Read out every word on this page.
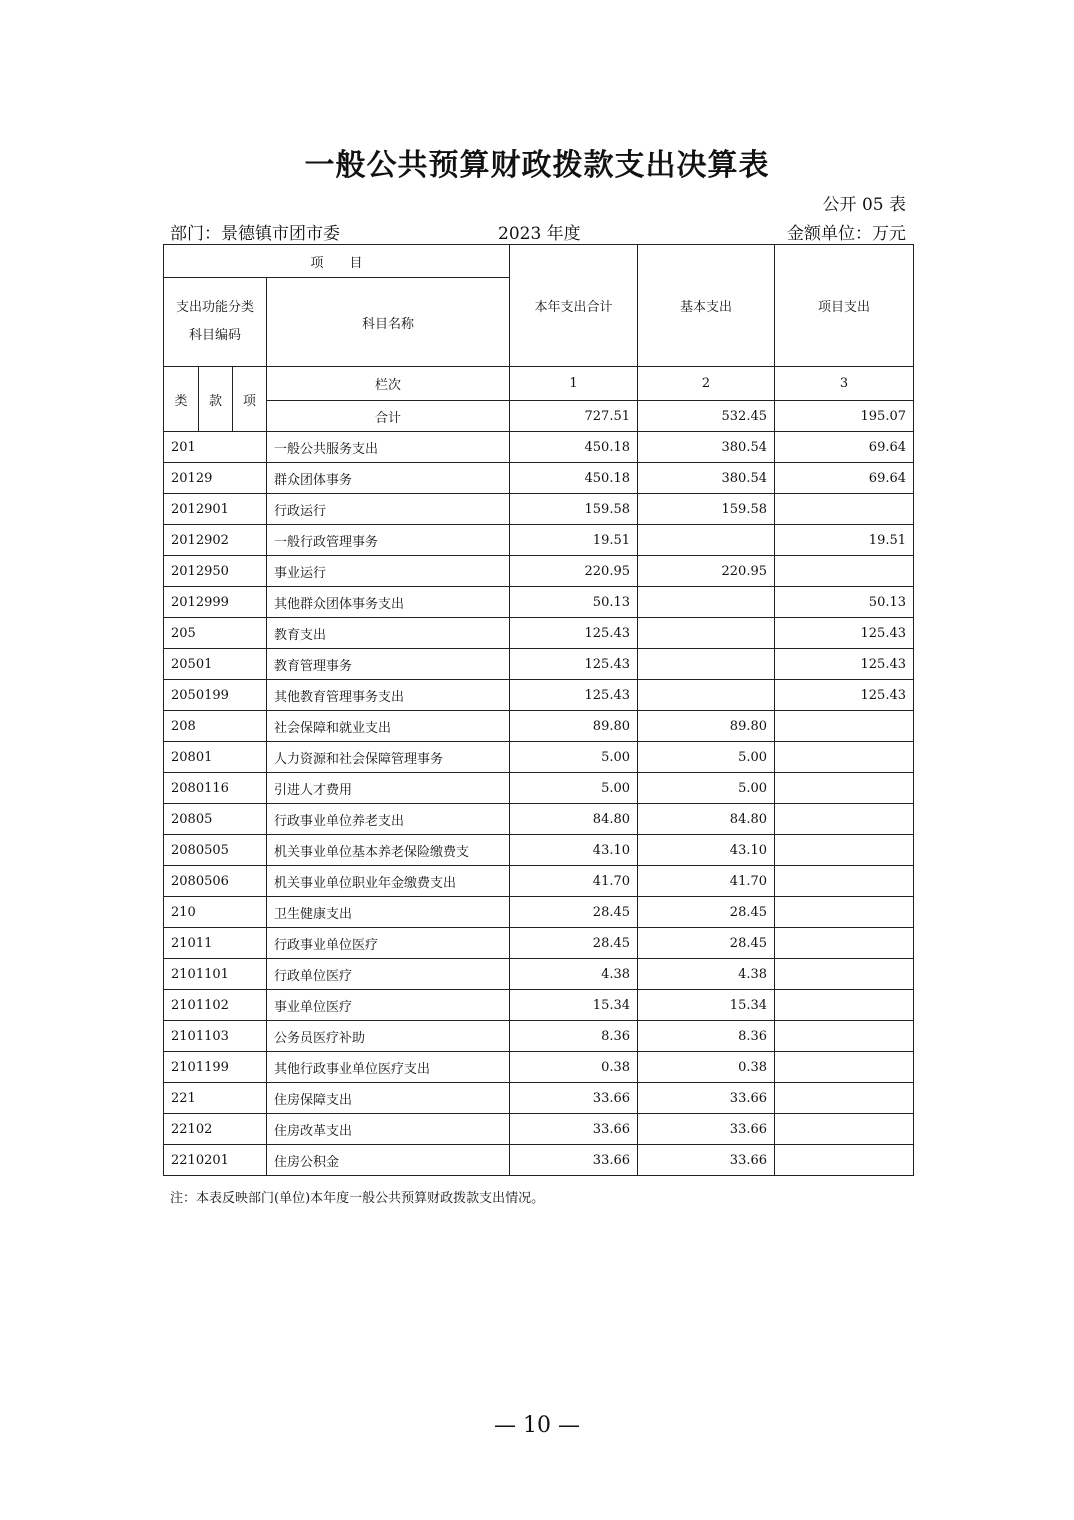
一般公共预算财政拨款支出决算表
公开 05 表
部门：景德镇市团市委	2023 年度	金额单位：万元
项　　目				本年支出合计	基本支出	项目支出

支出功能分类
科目编码			科目名称			
类	款	项	栏次	1	2	3
			合计	727.51	532.45	195.07
201			一般公共服务支出	450.18	380.54	69.64
20129			群众团体事务	450.18	380.54	69.64
2012901			行政运行	159.58	159.58	
2012902			一般行政管理事务	19.51		19.51
2012950			事业运行	220.95	220.95	
2012999			其他群众团体事务支出	50.13		50.13
205			教育支出	125.43		125.43
20501			教育管理事务	125.43		125.43
2050199			其他教育管理事务支出	125.43		125.43
208			社会保障和就业支出	89.80	89.80	
20801			人力资源和社会保障管理事务	5.00	5.00	
2080116			引进人才费用	5.00	5.00	
20805			行政事业单位养老支出	84.80	84.80	
2080505			机关事业单位基本养老保险缴费支	43.10	43.10	
2080506			机关事业单位职业年金缴费支出	41.70	41.70	
210			卫生健康支出	28.45	28.45	
21011			行政事业单位医疗	28.45	28.45	
2101101			行政单位医疗	4.38	4.38	
2101102			事业单位医疗	15.34	15.34	
2101103			公务员医疗补助	8.36	8.36	
2101199			其他行政事业单位医疗支出	0.38	0.38	
221			住房保障支出	33.66	33.66	
22102			住房改革支出	33.66	33.66	
2210201			住房公积金	33.66	33.66	
注：本表反映部门(单位)本年度一般公共预算财政拨款支出情况。
— 10 —
